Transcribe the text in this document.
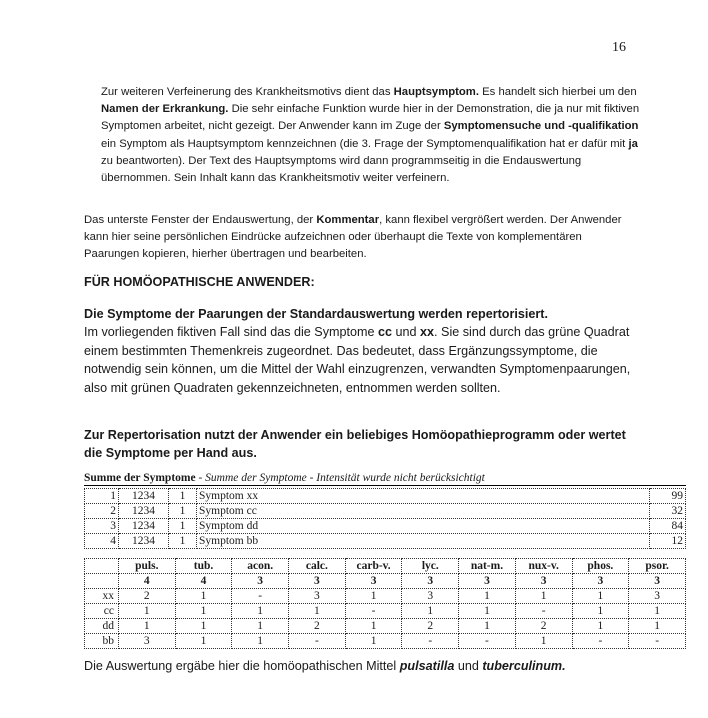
16
Zur weiteren Verfeinerung des Krankheitsmotivs dient das Hauptsymptom. Es handelt sich hierbei um den Namen der Erkrankung. Die sehr einfache Funktion wurde hier in der Demonstration, die ja nur mit fiktiven Symptomen arbeitet, nicht gezeigt. Der Anwender kann im Zuge der Symptomensuche und -qualifikation ein Symptom als Hauptsymptom kennzeichnen (die 3. Frage der Symptomenqualifikation hat er dafür mit ja zu beantworten). Der Text des Hauptsymptoms wird dann programmseitig in die Endauswertung übernommen. Sein Inhalt kann das Krankheitsmotiv weiter verfeinern.
Das unterste Fenster der Endauswertung, der Kommentar, kann flexibel vergrößert werden. Der Anwender kann hier seine persönlichen Eindrücke aufzeichnen oder überhaupt die Texte von komplementären Paarungen kopieren, hierher übertragen und bearbeiten.
FÜR HOMÖOPATHISCHE ANWENDER:
Die Symptome der Paarungen der Standardauswertung werden repertorisiert.
Im vorliegenden fiktiven Fall sind das die Symptome cc und xx. Sie sind durch das grüne Quadrat einem bestimmten Themenkreis zugeordnet. Das bedeutet, dass Ergänzungssymptome, die notwendig sein können, um die Mittel der Wahl einzugrenzen, verwandten Symptomenpaarungen, also mit grünen Quadraten gekennzeichneten, entnommen werden sollten.
Zur Repertorisation nutzt der Anwender ein beliebiges Homöopathieprogramm oder wertet die Symptome per Hand aus.
Summe der Symptome - Summe der Symptome - Intensität wurde nicht berücksichtigt
1	1234	1	Symptom xx	99
2	1234	1	Symptom cc	32
3	1234	1	Symptom dd	84
4	1234	1	Symptom bb	12
	puls.	tub.	acon.	calc.	carb-v.	lyc.	nat-m.	nux-v.	phos.	psor.
	4	4	3	3	3	3	3	3	3	3
xx	2	1	-	3	1	3	1	1	1	3
cc	1	1	1	1	-	1	1	-	1	1
dd	1	1	1	2	1	2	1	2	1	1
bb	3	1	1	-	1	-	-	1	-	-
Die Auswertung ergäbe hier die homöopathischen Mittel pulsatilla und tuberculinum.
